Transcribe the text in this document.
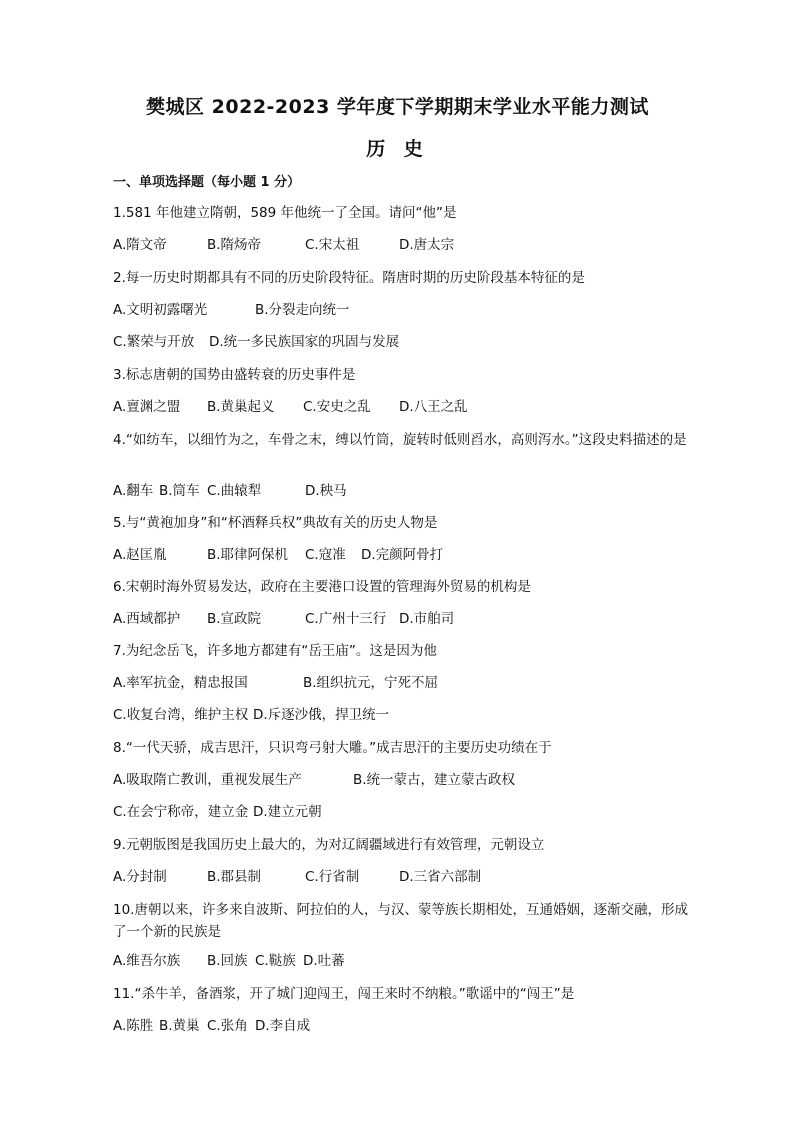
樊城区 2022-2023 学年度下学期期末学业水平能力测试
历 史
一、单项选择题（每小题 1 分）
1.581 年他建立隋朝，589 年他统一了全国。请问“他”是
A.隋文帝	B.隋炀帝	C.宋太祖	D.唐太宗
2.每一历史时期都具有不同的历史阶段特征。隋唐时期的历史阶段基本特征的是
A.文明初露曙光	B.分裂走向统一
C.繁荣与开放 D.统一多民族国家的巩固与发展
3.标志唐朝的国势由盛转衰的历史事件是
A.亶渊之盟 B.黄巢起义 C.安史之乱 D.八王之乱
4.“如纺车，以细竹为之，车骨之末，缚以竹筒，旋转时低则舀水，高则泻水。”这段史料描述的是
A.翻车 B.筒车 C.曲辕犁	D.秧马
5.与“黄袍加身”和“杯酒释兵权”典故有关的历史人物是
A.赵匡胤	B.耶律阿保机 C.寇准 D.完颜阿骨打
6.宋朝时海外贸易发达，政府在主要港口设置的管理海外贸易的机构是
A.西域都护 B.宣政院	C.广州十三行 D.市舶司
7.为纪念岳飞，许多地方都建有“岳王庙”。这是因为他
A.率军抗金，精忠报国	B.组织抗元，宁死不屈
C.收复台湾，维护主权 D.斥逐沙俄，捍卫统一
8.“一代天骄，成吉思汗，只识弯弓射大雕。”成吉思汗的主要历史功绩在于
A.吸取隋亡教训，重视发展生产	B.统一蒙古，建立蒙古政权
C.在会宁称帝，建立金 D.建立元朝
9.元朝版图是我国历史上最大的，为对辽阔疆域进行有效管理，元朝设立
A.分封制	B.郡县制	C.行省制	D.三省六部制
10.唐朝以来，许多来自波斯、阿拉伯的人，与汉、蒙等族长期相处，互通婚姻，逐渐交融，形成了一个新的民族是
A.维吾尔族 B.回族 C.鞑族 D.吐蕃
11.“杀牛羊，备酒浆，开了城门迎闯王，闯王来时不纳粮。”歌谣中的“闯王”是
A.陈胜 B.黄巢 C.张角 D.李自成
